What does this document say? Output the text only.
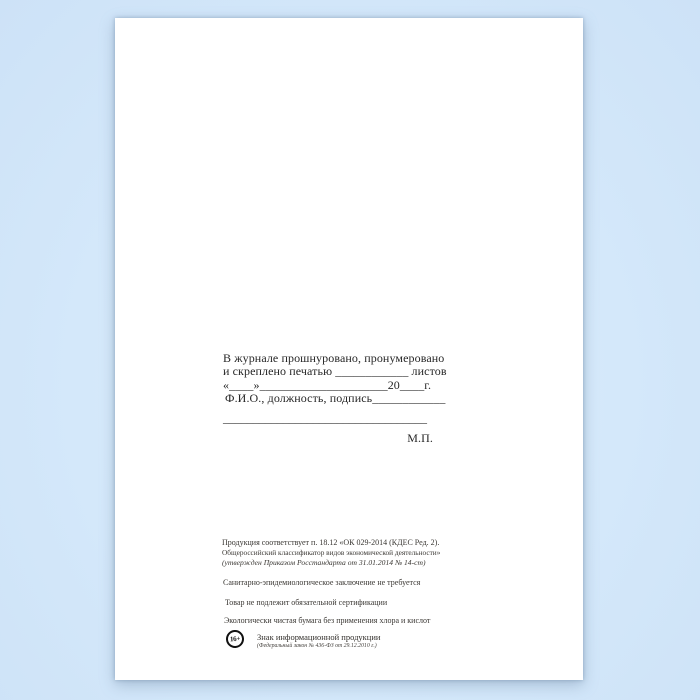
В журнале прошнуровано, пронумеровано
и скреплено печатью ____________ листов
«____»_____________________20____г.
Ф.И.О., должность, подпись____________
__________________________________
М.П.
Продукция соответствует п. 18.12 «ОК 029-2014 (КДЕС Ред. 2).
Общероссийский классификатор видов экономической деятельности»
(утвержден Приказом Росстандарта от 31.01.2014 № 14-ст)
Санитарно-эпидемиологическое заключение не требуется
Товар не подлежит обязательной сертификации
Экологически чистая бумага без применения хлора и кислот
16+	Знак информационной продукции
(Федеральный закон № 436-ФЗ от 29.12.2010 г.)
